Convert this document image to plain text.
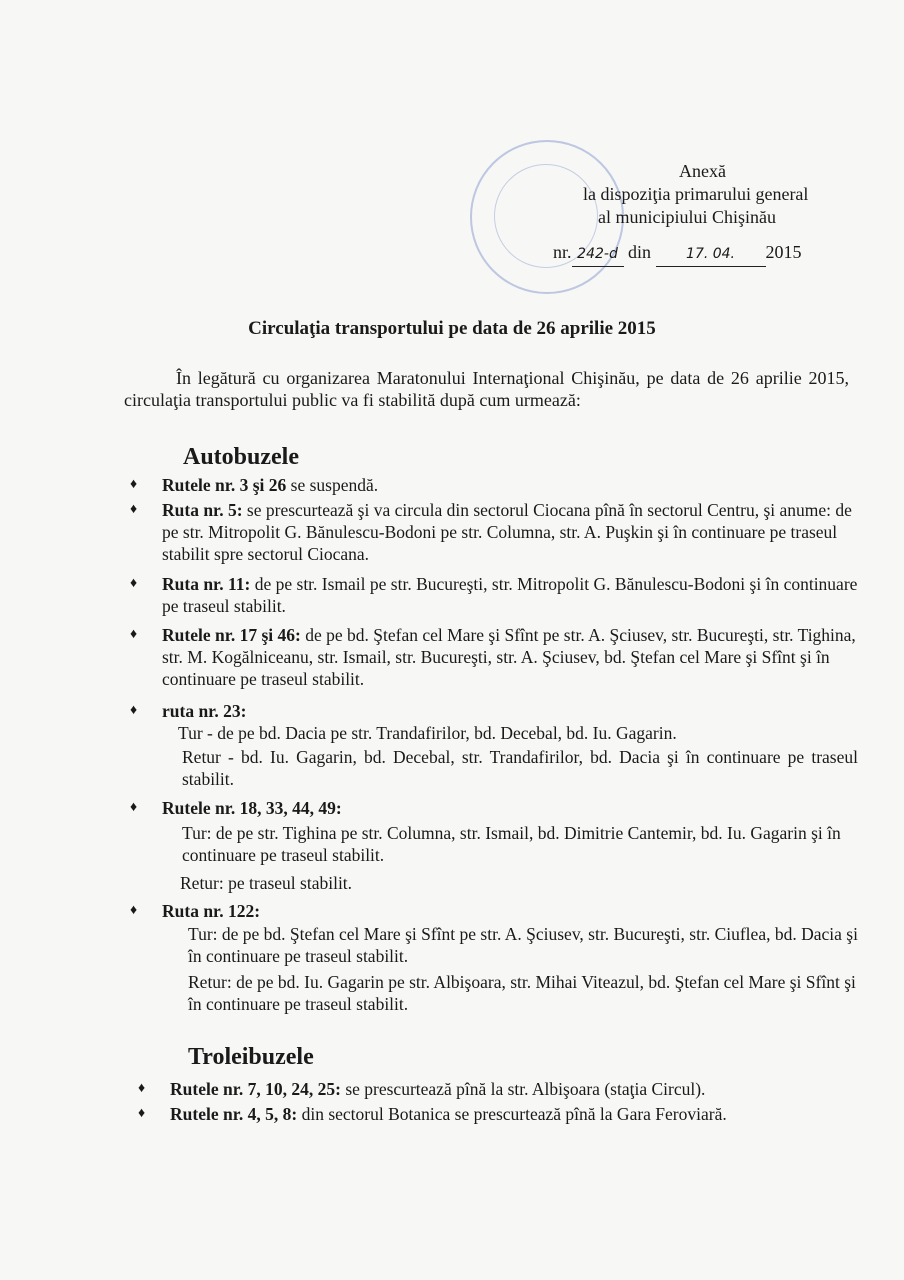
Anexă
la dispoziţia primarului general
al municipiului Chişinău
nr. 242-d din	17. 04. 2015
Circulaţia transportului pe data de 26 aprilie 2015
În legătură cu organizarea Maratonului Internaţional Chişinău, pe data de 26 aprilie 2015, circulaţia transportului public va fi stabilită după cum urmează:
Autobuzele
♦	Rutele nr. 3 şi 26 se suspendă.
♦	Ruta nr. 5: se prescurtează şi va circula din sectorul Ciocana pînă în sectorul Centru, şi anume: de pe str. Mitropolit G. Bănulescu-Bodoni pe str. Columna, str. A. Puşkin şi în continuare pe traseul stabilit spre sectorul Ciocana.
♦	Ruta nr. 11: de pe str. Ismail pe str. Bucureşti, str. Mitropolit G. Bănulescu-Bodoni şi în continuare pe traseul stabilit.
♦	Rutele nr. 17 şi 46: de pe bd. Ştefan cel Mare şi Sfînt pe str. A. Şciusev, str. Bucureşti, str. Tighina, str. M. Kogălniceanu, str. Ismail, str. Bucureşti, str. A. Şciusev, bd. Ştefan cel Mare şi Sfînt şi în continuare pe traseul stabilit.
♦	ruta nr. 23:
Tur - de pe bd. Dacia pe str. Trandafirilor, bd. Decebal, bd. Iu. Gagarin.
Retur - bd. Iu. Gagarin, bd. Decebal, str. Trandafirilor, bd. Dacia şi în continuare pe traseul stabilit.
♦	Rutele nr. 18, 33, 44, 49:
Tur: de pe str. Tighina pe str. Columna, str. Ismail, bd. Dimitrie Cantemir, bd. Iu. Gagarin şi în continuare pe traseul stabilit.
Retur: pe traseul stabilit.
♦	Ruta nr. 122:
Tur: de pe bd. Ştefan cel Mare şi Sfînt pe str. A. Şciusev, str. Bucureşti, str. Ciuflea, bd. Dacia şi în continuare pe traseul stabilit.
Retur: de pe bd. Iu. Gagarin pe str. Albişoara, str. Mihai Viteazul, bd. Ştefan cel Mare şi Sfînt şi în continuare pe traseul stabilit.
Troleibuzele
♦	Rutele nr. 7, 10, 24, 25: se prescurtează pînă la str. Albişoara (staţia Circul).
♦	Rutele nr. 4, 5, 8: din sectorul Botanica se prescurtează pînă la Gara Feroviară.
